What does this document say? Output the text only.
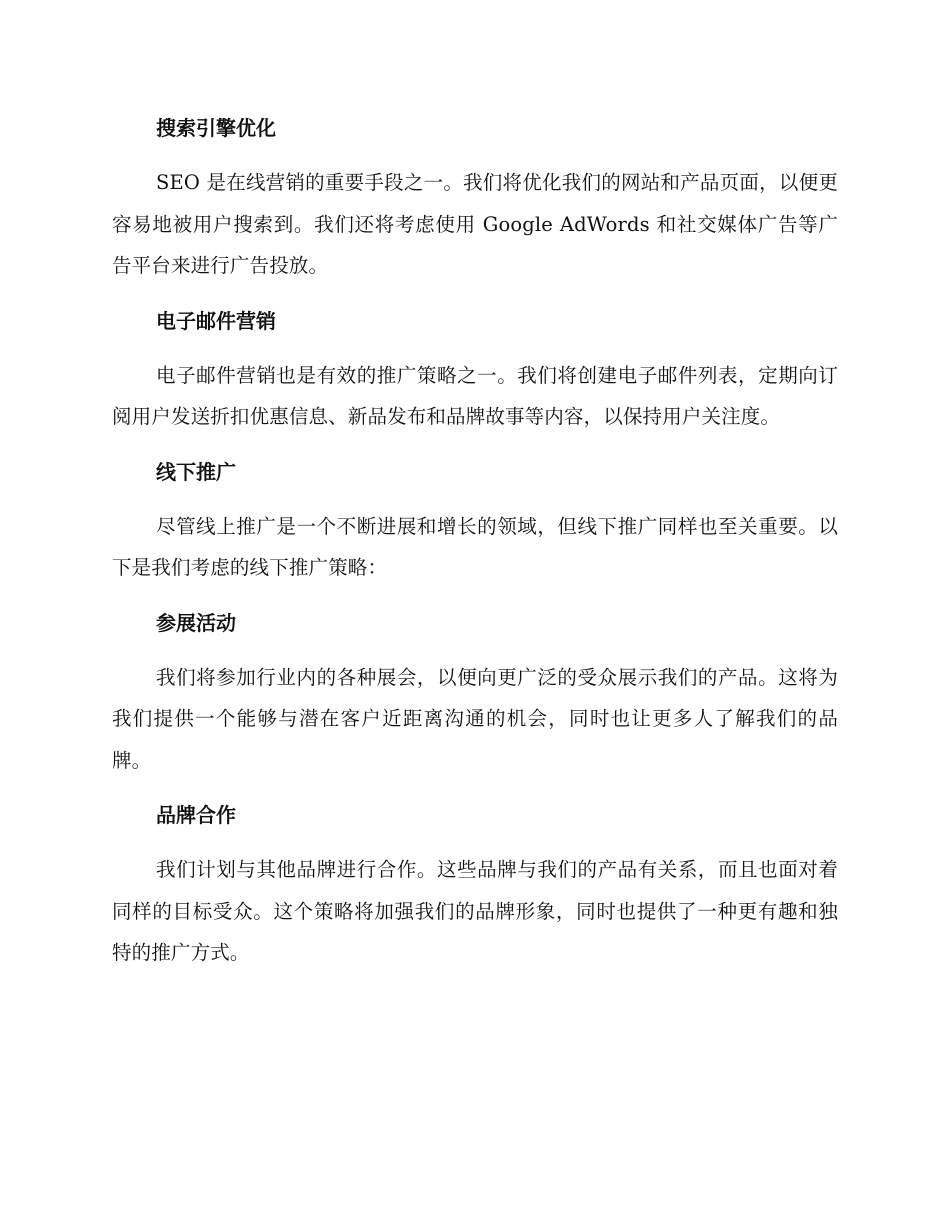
搜索引擎优化

SEO 是在线营销的重要手段之一。我们将优化我们的网站和产品页面，以便更容易地被用户搜索到。我们还将考虑使用 Google AdWords 和社交媒体广告等广告平台来进行广告投放。

电子邮件营销

电子邮件营销也是有效的推广策略之一。我们将创建电子邮件列表，定期向订阅用户发送折扣优惠信息、新品发布和品牌故事等内容，以保持用户关注度。

线下推广

尽管线上推广是一个不断进展和增长的领域，但线下推广同样也至关重要。以下是我们考虑的线下推广策略：

参展活动

我们将参加行业内的各种展会，以便向更广泛的受众展示我们的产品。这将为我们提供一个能够与潜在客户近距离沟通的机会，同时也让更多人了解我们的品牌。

品牌合作

我们计划与其他品牌进行合作。这些品牌与我们的产品有关系，而且也面对着同样的目标受众。这个策略将加强我们的品牌形象，同时也提供了一种更有趣和独特的推广方式。
